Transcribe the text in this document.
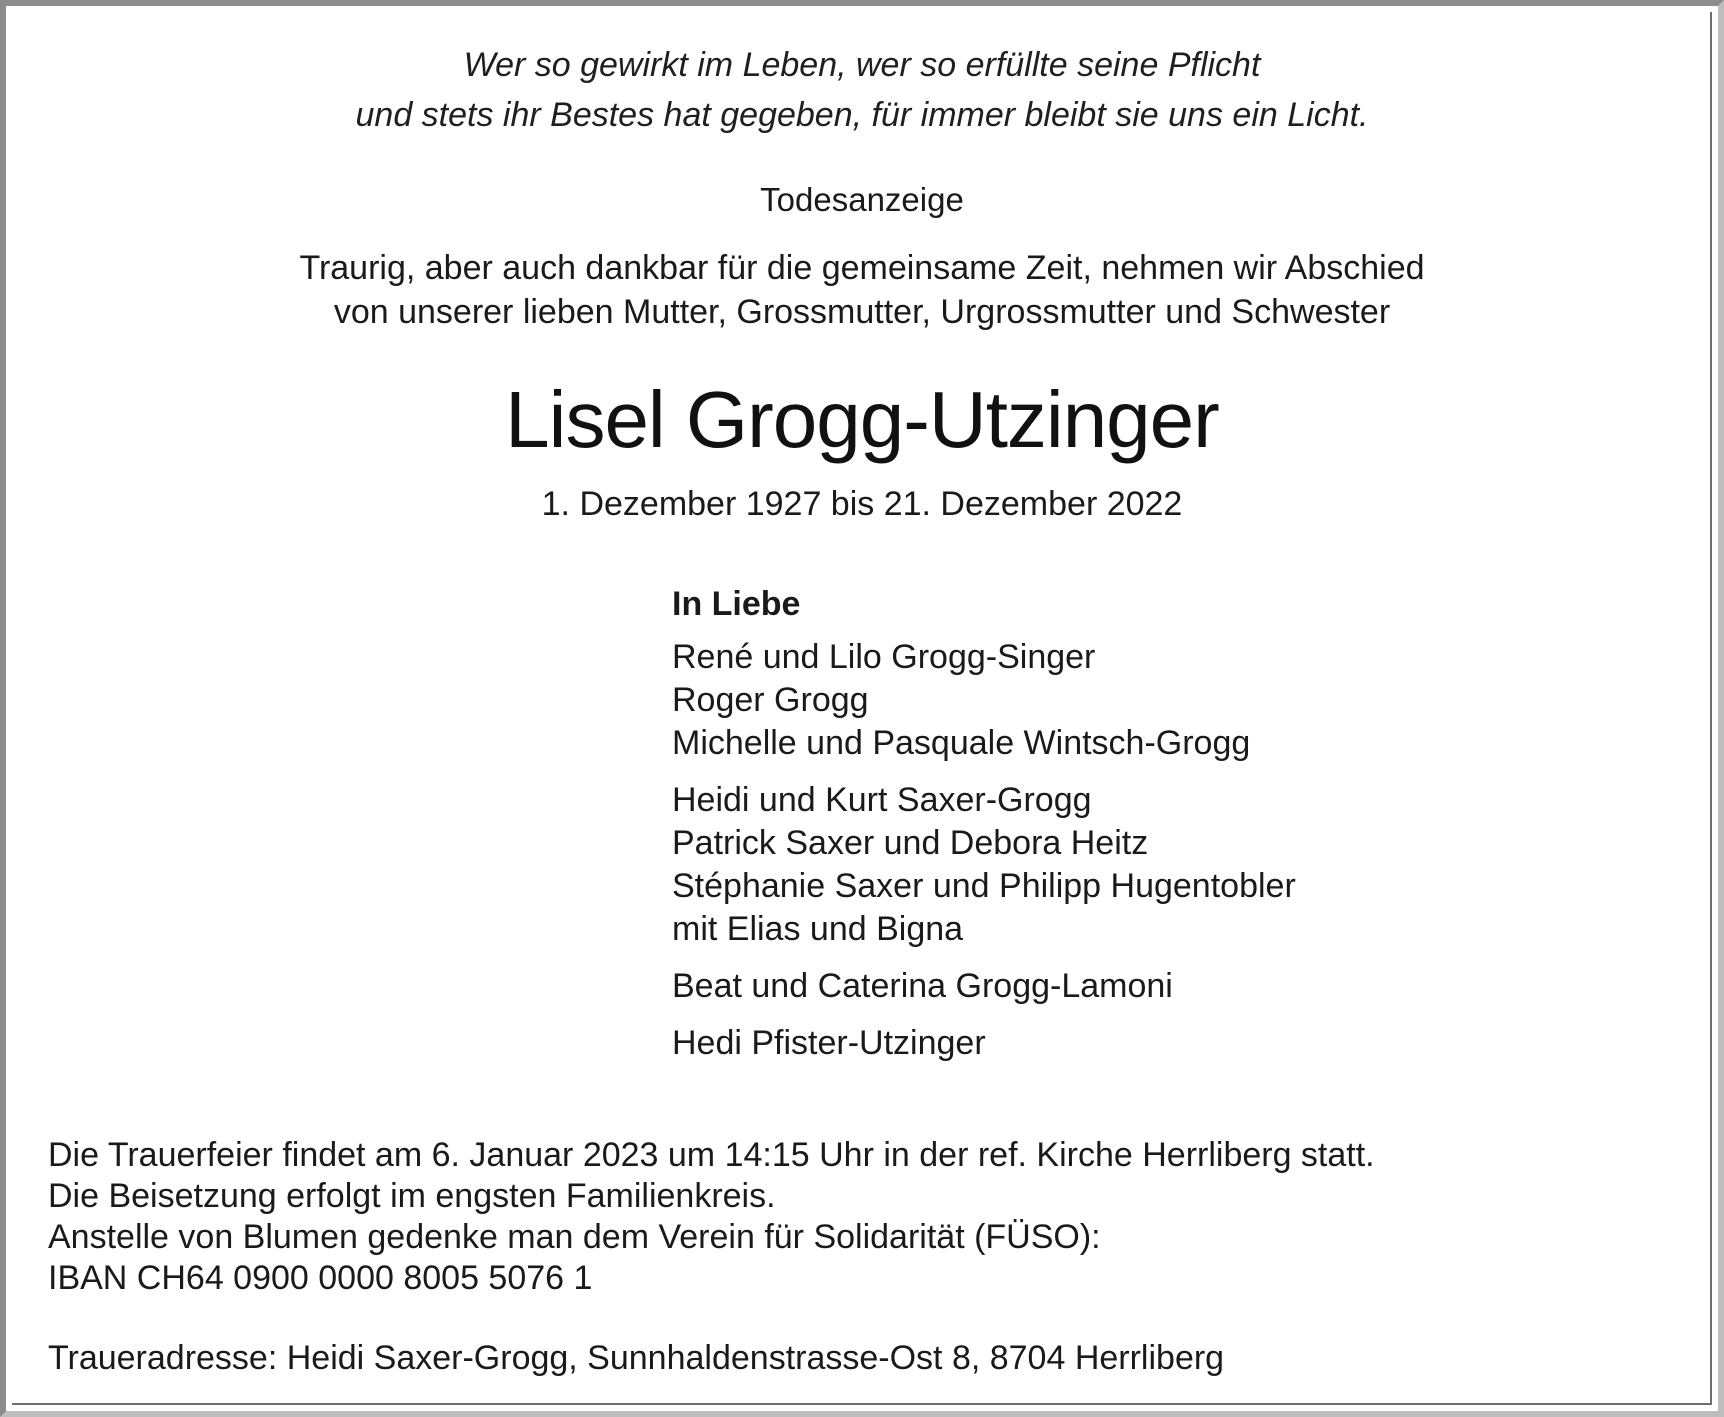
Wer so gewirkt im Leben, wer so erfüllte seine Pflicht
und stets ihr Bestes hat gegeben, für immer bleibt sie uns ein Licht.
Todesanzeige
Traurig, aber auch dankbar für die gemeinsame Zeit, nehmen wir Abschied
von unserer lieben Mutter, Grossmutter, Urgrossmutter und Schwester
Lisel Grogg-Utzinger
1. Dezember 1927 bis 21. Dezember 2022
In Liebe
René und Lilo Grogg-Singer
Roger Grogg
Michelle und Pasquale Wintsch-Grogg
Heidi und Kurt Saxer-Grogg
Patrick Saxer und Debora Heitz
Stéphanie Saxer und Philipp Hugentobler
mit Elias und Bigna
Beat und Caterina Grogg-Lamoni
Hedi Pfister-Utzinger
Die Trauerfeier findet am 6. Januar 2023 um 14:15 Uhr in der ref. Kirche Herrliberg statt.
Die Beisetzung erfolgt im engsten Familienkreis.
Anstelle von Blumen gedenke man dem Verein für Solidarität (FÜSO):
IBAN CH64 0900 0000 8005 5076 1
Traueradresse: Heidi Saxer-Grogg, Sunnhaldenstrasse-Ost 8, 8704 Herrliberg
